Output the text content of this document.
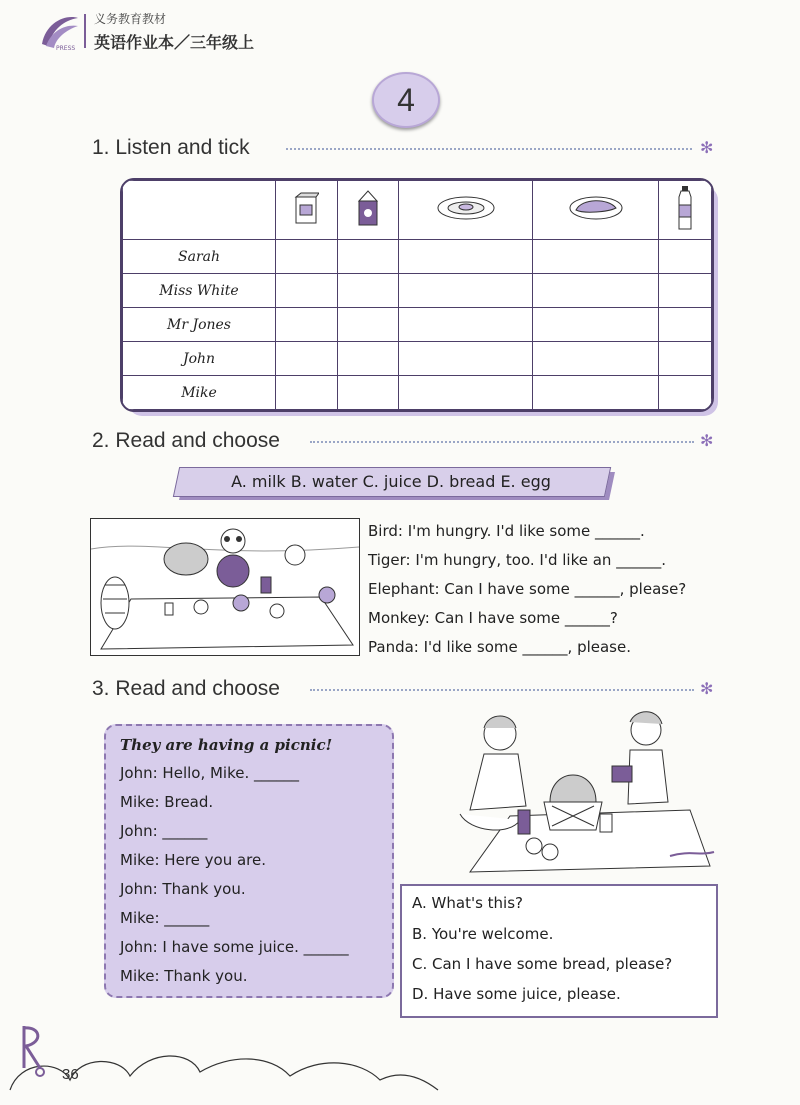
PRESS
义务教育教材
英语作业本／三年级上
4
1. Listen and tick	✻

Sarah					
Miss White					
Mr Jones					
John					
Mike					
2. Read and choose	✻
A. milk B. water C. juice D. bread E. egg
Bird: I'm hungry. I'd like some ______.
Tiger: I'm hungry, too. I'd like an ______.
Elephant: Can I have some ______, please?
Monkey: Can I have some ______?
Panda: I'd like some ______, please.
3. Read and choose	✻
They are having a picnic!
John: Hello, Mike. ______
Mike: Bread.
John: ______
Mike: Here you are.
John: Thank you.
Mike: ______
John: I have some juice. ______
Mike: Thank you.
A. What's this?
B. You're welcome.
C. Can I have some bread, please?
D. Have some juice, please.
36
